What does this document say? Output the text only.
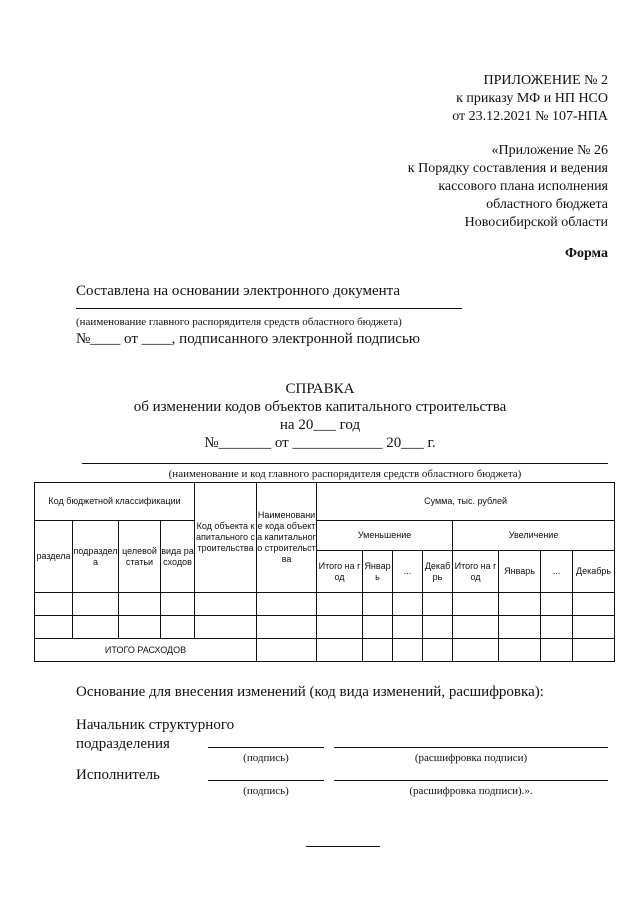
ПРИЛОЖЕНИЕ № 2
к приказу МФ и НП НСО
от 23.12.2021 № 107-НПА
«Приложение № 26
к Порядку составления и ведения
кассового плана исполнения
областного бюджета
Новосибирской области
Форма
Составлена на основании электронного документа
(наименование главного распорядителя средств областного бюджета)
№____ от ____, подписанного электронной подписью
СПРАВКА
об изменении кодов объектов капитального строительства
на 20___ год
№_______ от ____________ 20___ г.
(наименование и код главного распорядителя средств областного бюджета)
Код бюджетной классификации				Код объекта капитального строительства	Наименование кода объекта капитального строительства	Сумма, тыс. рублей							
раздела	подраздела	целевой статьи	вида расходов			Уменьшение				Увеличение			
						Итого на год	Январь	...	Декабрь	Итого на год	Январь	...	Декабрь

ИТОГО РАСХОДОВ													
Основание для внесения изменений (код вида изменений, расшифровка):
Начальник структурного
подразделения
(подпись)	(расшифровка подписи)
Исполнитель
(подпись)	(расшифровка подписи).».
